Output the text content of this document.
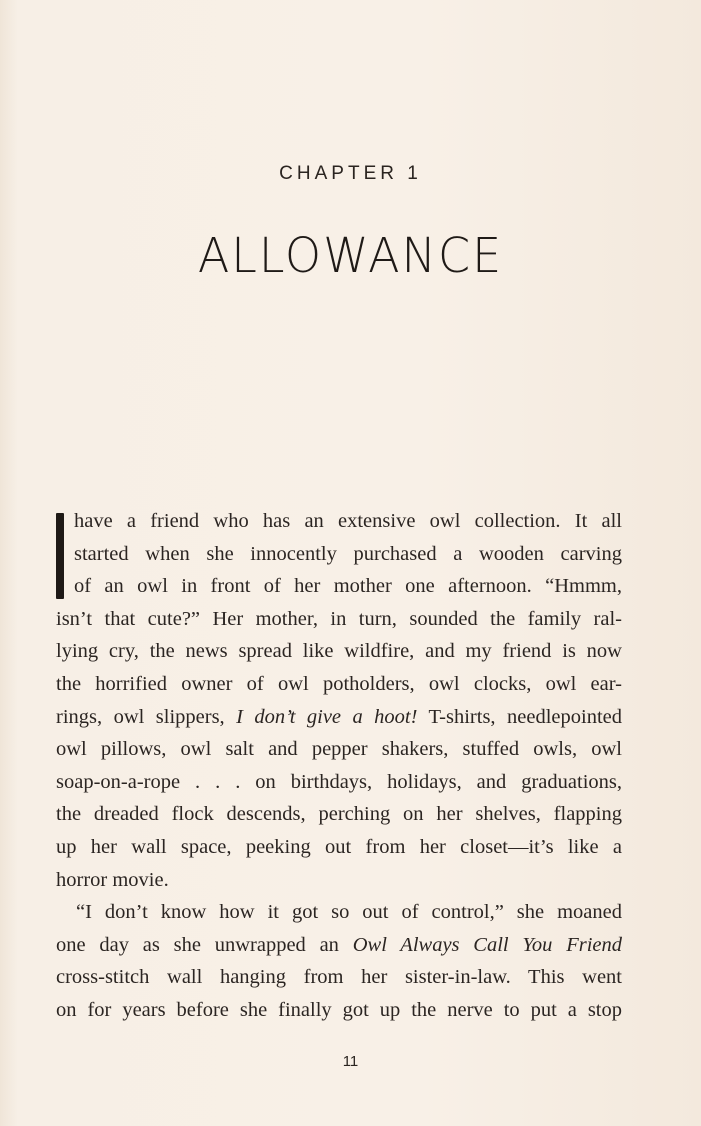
CHAPTER 1
ALLOWANCE
have a friend who has an extensive owl collection. It all
started when she innocently purchased a wooden carving
of an owl in front of her mother one afternoon. “Hmmm,
isn’t that cute?” Her mother, in turn, sounded the family ral-
lying cry, the news spread like wildfire, and my friend is now
the horrified owner of owl potholders, owl clocks, owl ear-
rings, owl slippers, I don’t give a hoot! T-shirts, needlepointed
owl pillows, owl salt and pepper shakers, stuffed owls, owl
soap-on-a-rope . . . on birthdays, holidays, and graduations,
the dreaded flock descends, perching on her shelves, flapping
up her wall space, peeking out from her closet—it’s like a
horror movie.
“I don’t know how it got so out of control,” she moaned
one day as she unwrapped an Owl Always Call You Friend
cross-stitch wall hanging from her sister-in-law. This went
on for years before she finally got up the nerve to put a stop
11
